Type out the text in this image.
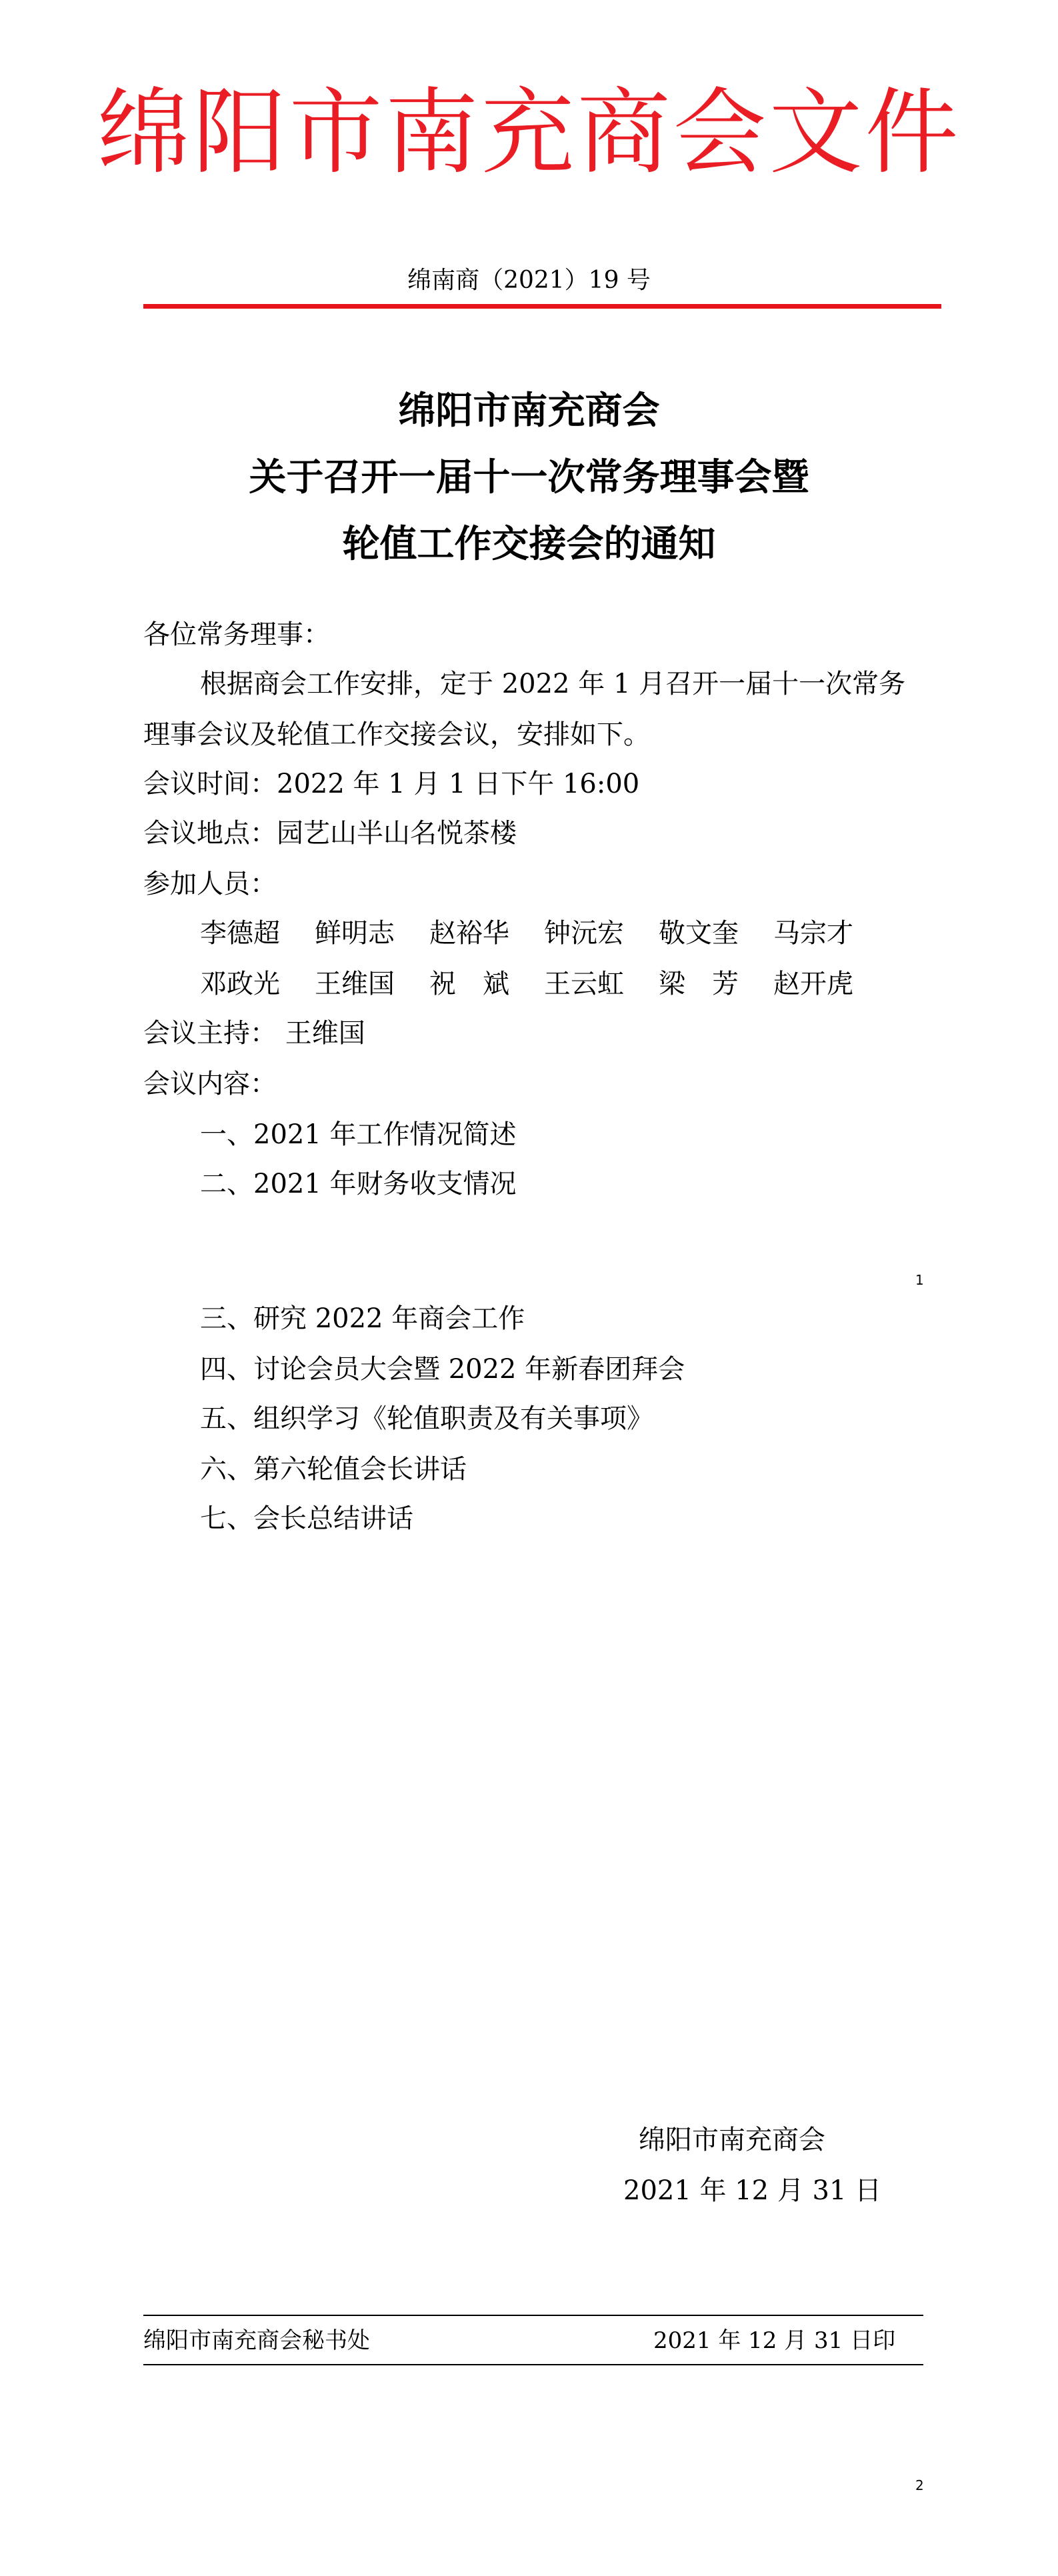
绵阳市南充商会文件
绵南商（2021）19 号
绵阳市南充商会
关于召开一届十一次常务理事会暨
轮值工作交接会的通知
各位常务理事：
根据商会工作安排，定于 2022 年 1 月召开一届十一次常务
理事会议及轮值工作交接会议，安排如下。
会议时间：2022 年 1 月 1 日下午 16:00
会议地点：园艺山半山名悦茶楼
参加人员：
李德超 鲜明志 赵裕华 钟沅宏 敬文奎 马宗才
邓政光 王维国 祝　斌 王云虹 梁　芳 赵开虎
会议主持： 王维国
会议内容：
一、2021 年工作情况简述
二、2021 年财务收支情况
1
三、研究 2022 年商会工作
四、讨论会员大会暨 2022 年新春团拜会
五、组织学习《轮值职责及有关事项》
六、第六轮值会长讲话
七、会长总结讲话
绵阳市南充商会
2021 年 12 月 31 日
绵阳市南充商会秘书处	2021 年 12 月 31 日印
2
